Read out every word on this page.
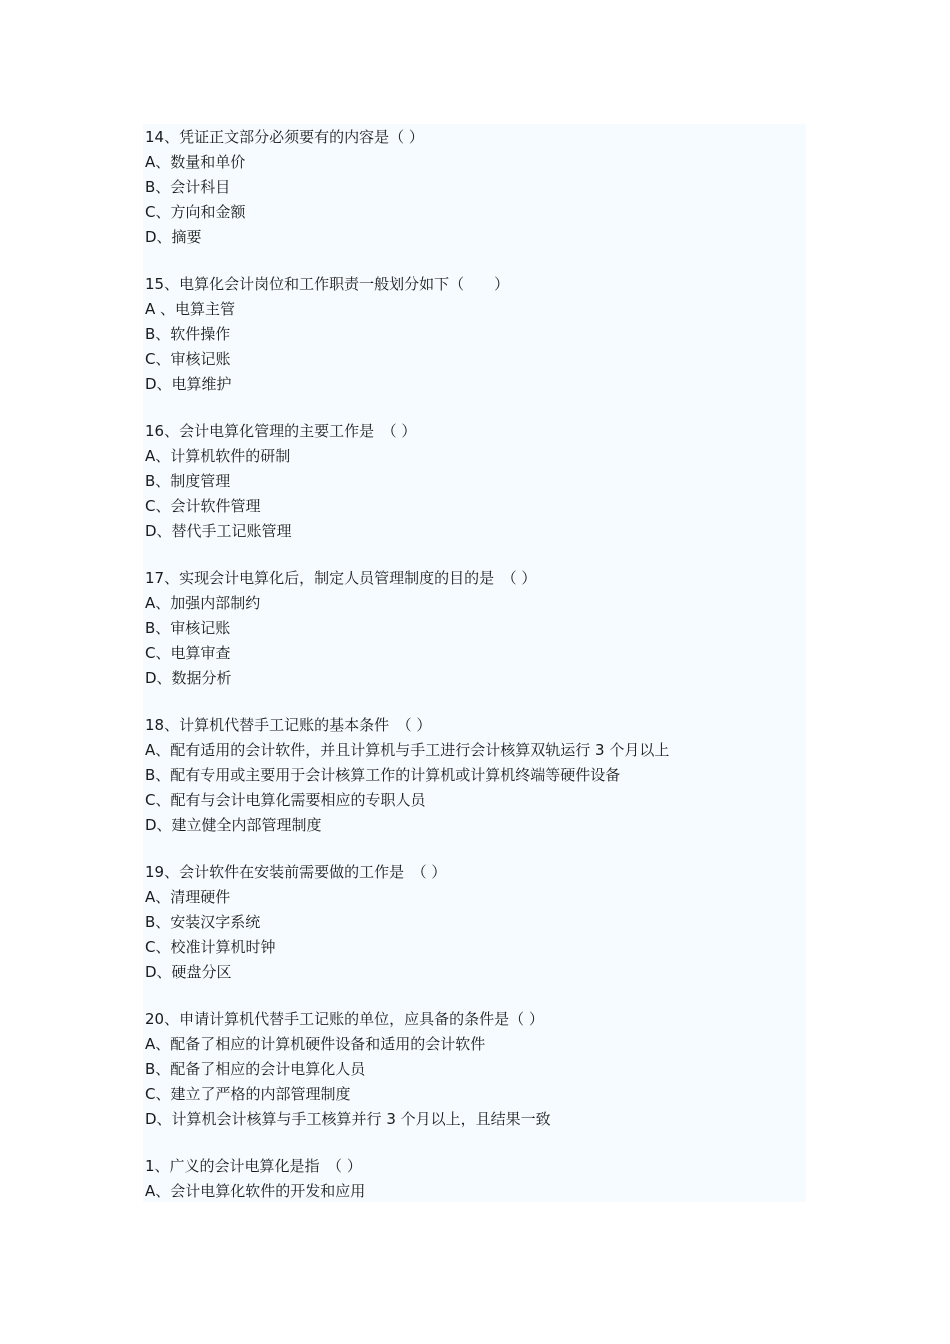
14、凭证正文部分必须要有的内容是（ ）
A、数量和单价
B、会计科目
C、方向和金额
D、摘要
15、电算化会计岗位和工作职责一般划分如下（　　）
A 、电算主管
B、软件操作
C、审核记账
D、电算维护
16、会计电算化管理的主要工作是　（ ）
A、计算机软件的研制
B、制度管理
C、会计软件管理
D、替代手工记账管理
17、实现会计电算化后，制定人员管理制度的目的是　（ ）
A、加强内部制约
B、审核记账
C、电算审查
D、数据分析
18、计算机代替手工记账的基本条件　（ ）
A、配有适用的会计软件，并且计算机与手工进行会计核算双轨运行 3 个月以上
B、配有专用或主要用于会计核算工作的计算机或计算机终端等硬件设备
C、配有与会计电算化需要相应的专职人员
D、建立健全内部管理制度
19、会计软件在安装前需要做的工作是　（ ）
A、清理硬件
B、安装汉字系统
C、校准计算机时钟
D、硬盘分区
20、申请计算机代替手工记账的单位，应具备的条件是（ ）
A、配备了相应的计算机硬件设备和适用的会计软件
B、配备了相应的会计电算化人员
C、建立了严格的内部管理制度
D、计算机会计核算与手工核算并行 3 个月以上，且结果一致
1、广义的会计电算化是指　（ ）
A、会计电算化软件的开发和应用
